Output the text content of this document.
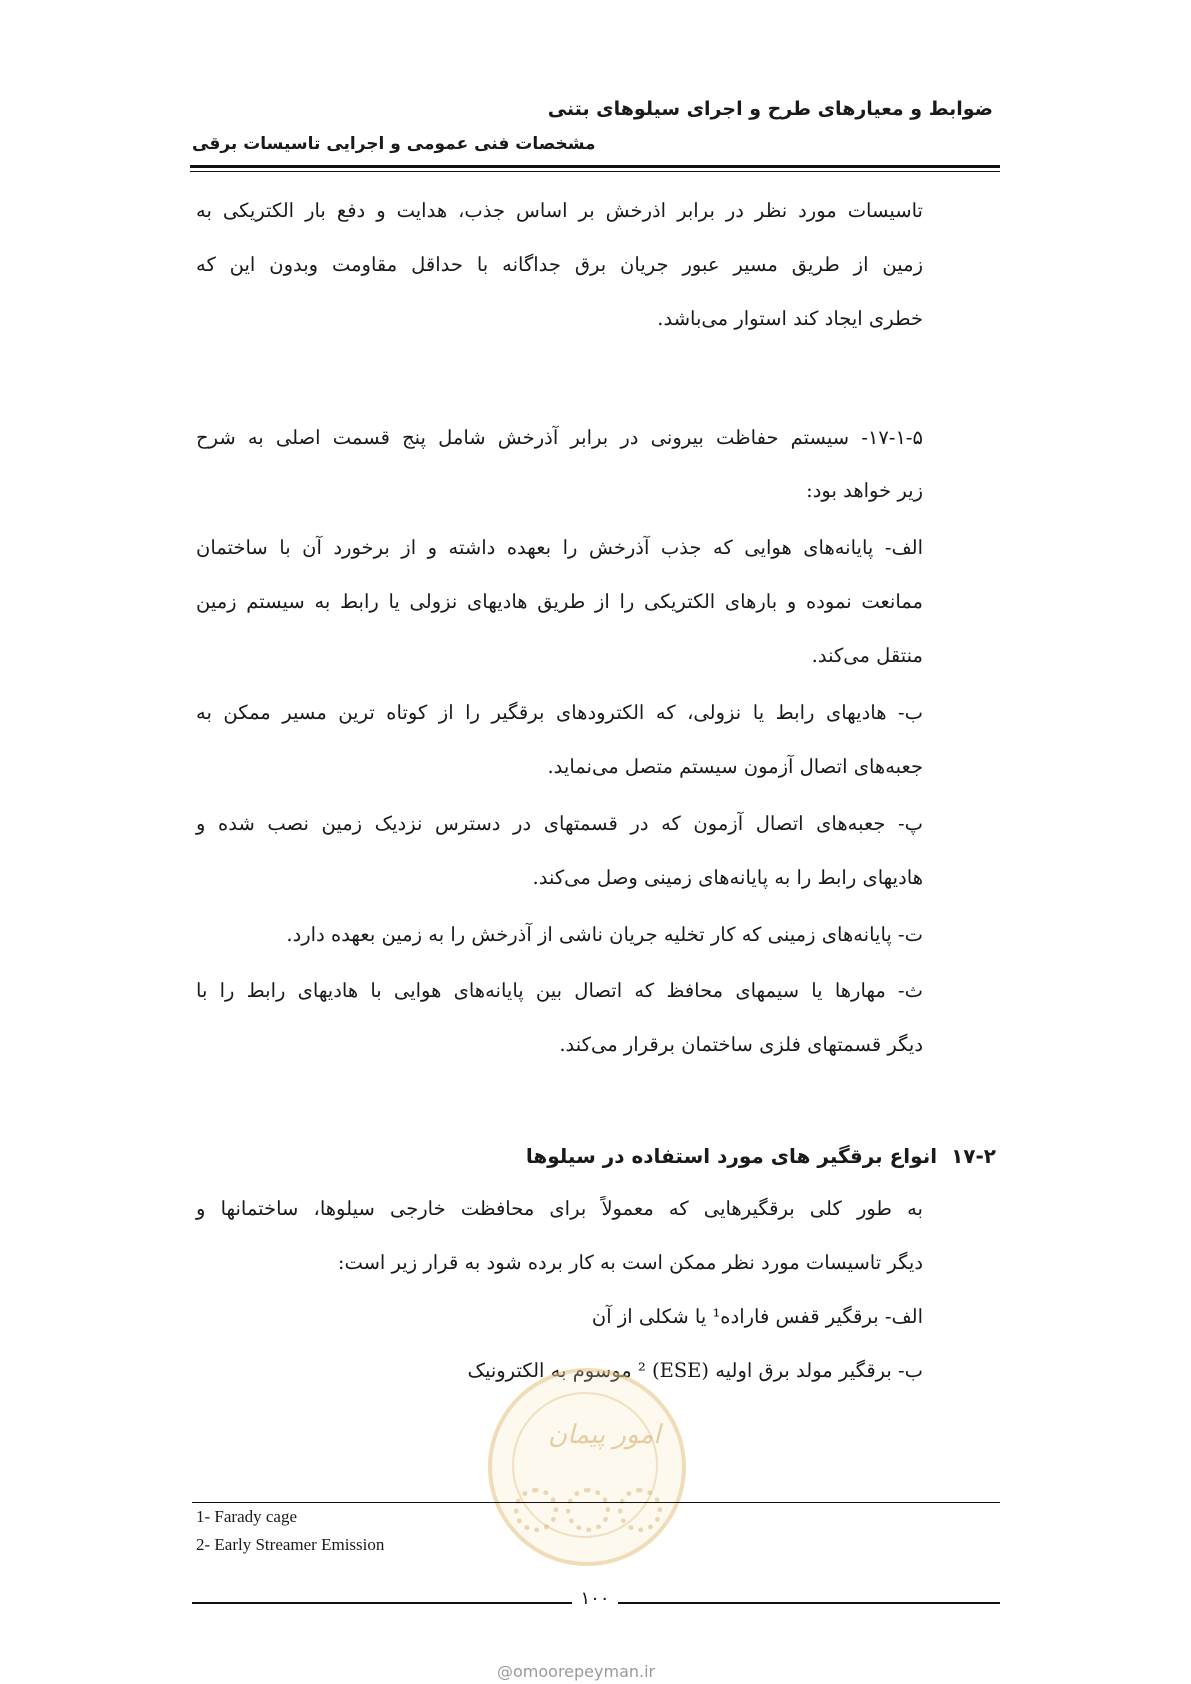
ضوابط و معیارهای طرح و اجرای سیلوهای بتنی
مشخصات فنی عمومی و اجرایی تاسیسات برقی
تاسیسات مورد نظر در برابر اذرخش بر اساس جذب، هدایت و دفع بار الکتریکی به
زمین از طریق مسیر عبور جریان برق جداگانه با حداقل مقاومت وبدون این که
خطری ایجاد کند استوار می‌باشد.
۱۷-۱-۵- سیستم حفاظت بیرونی در برابر آذرخش شامل پنج قسمت اصلی به شرح
زیر خواهد بود:
الف- پایانه‌های هوایی که جذب آذرخش را بعهده داشته و از برخورد آن با ساختمان
ممانعت نموده و بارهای الکتریکی را از طریق هادیهای نزولی یا رابط به سیستم زمین
منتقل می‌کند.
ب- هادیهای رابط یا نزولی، که الکترودهای برقگیر را از کوتاه ترین مسیر ممکن به
جعبه‌های اتصال آزمون سیستم متصل می‌نماید.
پ- جعبه‌های اتصال آزمون که در قسمتهای در دسترس نزدیک زمین نصب شده و
هادیهای رابط را به پایانه‌های زمینی وصل می‌کند.
ت- پایانه‌های زمینی که کار تخلیه جریان ناشی از آذرخش را به زمین بعهده دارد.
ث- مهارها یا سیمهای محافظ که اتصال بین پایانه‌های هوایی با هادیهای رابط را با
دیگر قسمتهای فلزی ساختمان برقرار می‌کند.
۱۷-۲انواع برقگیر های مورد استفاده در سیلوها
به طور کلی برقگیرهایی که معمولاً برای محافظت خارجی سیلوها، ساختمانها و
دیگر تاسیسات مورد نظر ممکن است به کار برده شود به قرار زیر است:
الف- برقگیر قفس فاراده¹ یا شکلی از آن
ب- برقگیر مولد برق اولیه (ESE) ² موسوم به الکترونیک
امور پیمان
1- Farady cage
2- Early Streamer Emission
۱۰۰
@omoorepeyman.ir
